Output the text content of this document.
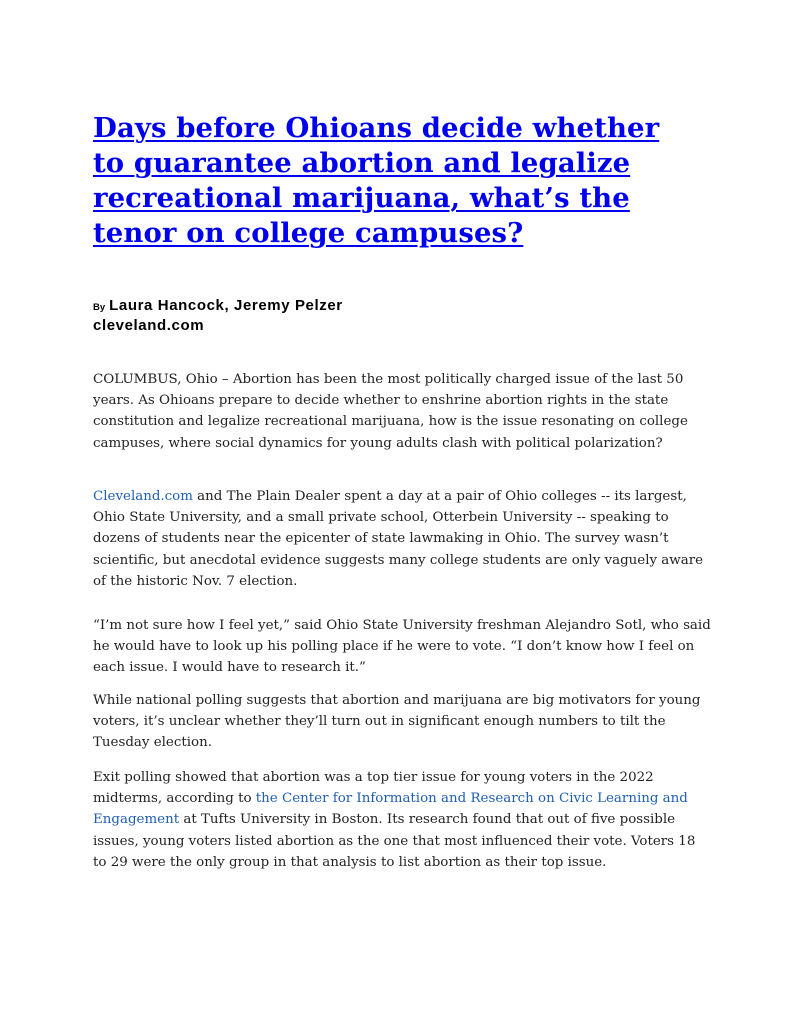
Days before Ohioans decide whether to guarantee abortion and legalize recreational marijuana, what’s the tenor on college campuses?
By Laura Hancock, Jeremy Pelzer
cleveland.com

COLUMBUS, Ohio – Abortion has been the most politically charged issue of the last 50 years. As Ohioans prepare to decide whether to enshrine abortion rights in the state constitution and legalize recreational marijuana, how is the issue resonating on college campuses, where social dynamics for young adults clash with political polarization?

Cleveland.com and The Plain Dealer spent a day at a pair of Ohio colleges -- its largest, Ohio State University, and a small private school, Otterbein University -- speaking to dozens of students near the epicenter of state lawmaking in Ohio. The survey wasn’t scientific, but anecdotal evidence suggests many college students are only vaguely aware of the historic Nov. 7 election.

“I’m not sure how I feel yet,” said Ohio State University freshman Alejandro Sotl, who said he would have to look up his polling place if he were to vote. “I don’t know how I feel on each issue. I would have to research it.”

While national polling suggests that abortion and marijuana are big motivators for young voters, it’s unclear whether they’ll turn out in significant enough numbers to tilt the Tuesday election.

Exit polling showed that abortion was a top tier issue for young voters in the 2022 midterms, according to the Center for Information and Research on Civic Learning and Engagement at Tufts University in Boston. Its research found that out of five possible issues, young voters listed abortion as the one that most influenced their vote. Voters 18 to 29 were the only group in that analysis to list abortion as their top issue.
